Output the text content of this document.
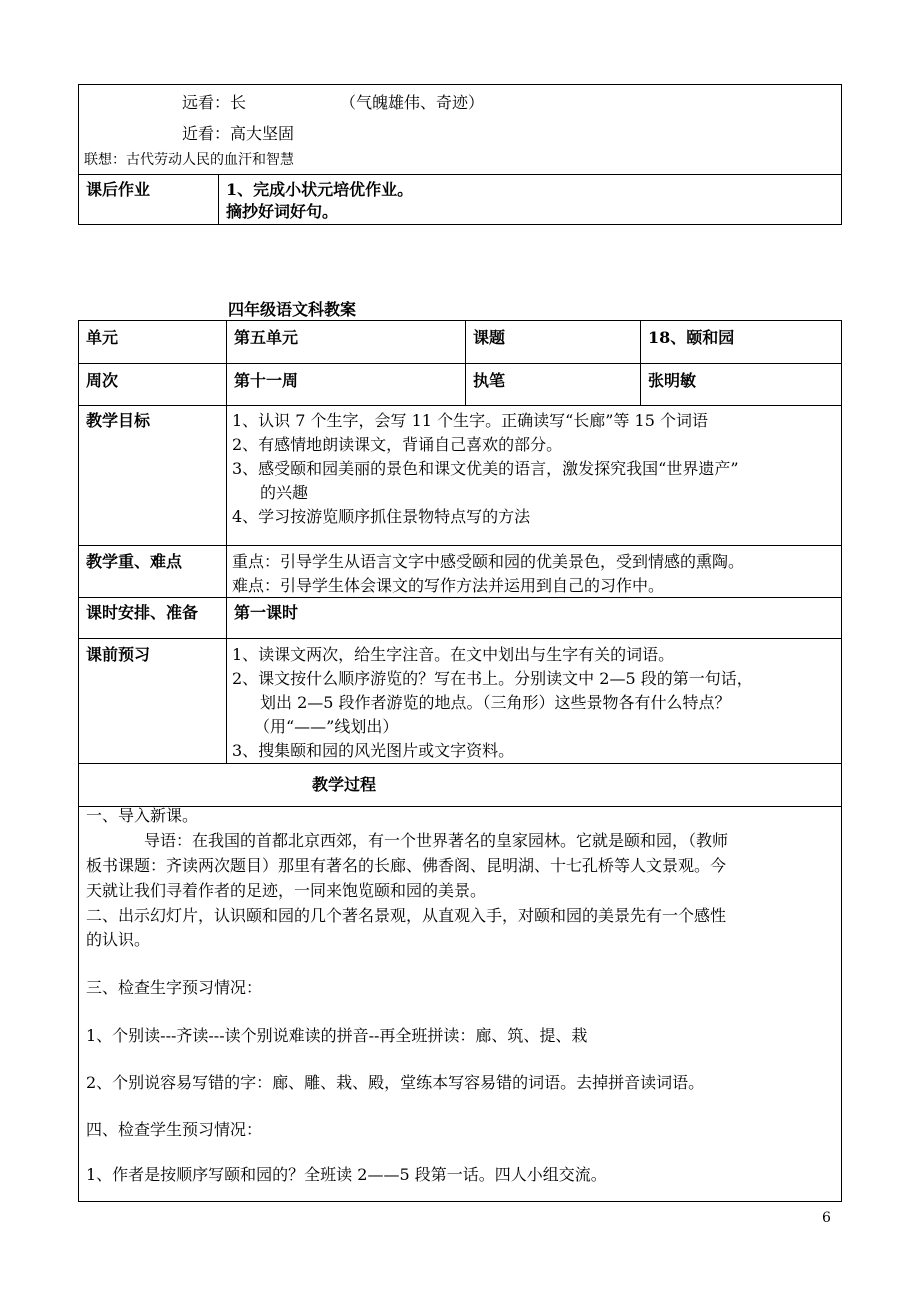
远看：长	（气魄雄伟、奇迹）
近看：高大坚固
联想：古代劳动人民的血汗和智慧
课后作业	1、完成小状元培优作业。
摘抄好词好句。
四年级语文科教案
单元	第五单元	课题	18、颐和园
周次	第十一周	执笔	张明敏
教学目标	1、认识 7 个生字，会写 11 个生字。正确读写“长廊”等 15 个词语
2、有感情地朗读课文，背诵自己喜欢的部分。
3、感受颐和园美丽的景色和课文优美的语言，激发探究我国“世界遗产”
的兴趣
4、学习按游览顺序抓住景物特点写的方法
教学重、难点	重点：引导学生从语言文字中感受颐和园的优美景色，受到情感的熏陶。
难点：引导学生体会课文的写作方法并运用到自己的习作中。
课时安排、准备 第一课时
课前预习	1、读课文两次，给生字注音。在文中划出与生字有关的词语。
2、课文按什么顺序游览的？写在书上。分别读文中 2—5 段的第一句话，
划出 2—5 段作者游览的地点。（三角形）这些景物各有什么特点？
（用“——”线划出）
3、搜集颐和园的风光图片或文字资料。
教学过程
一、导入新课。
导语：在我国的首都北京西郊，有一个世界著名的皇家园林。它就是颐和园，（教师
板书课题：齐读两次题目）那里有著名的长廊、佛香阁、昆明湖、十七孔桥等人文景观。今
天就让我们寻着作者的足迹，一同来饱览颐和园的美景。
二、出示幻灯片，认识颐和园的几个著名景观，从直观入手，对颐和园的美景先有一个感性
的认识。
三、检查生字预习情况：
1、个别读---齐读---读个别说难读的拼音--再全班拼读：廊、筑、提、栽
2、个别说容易写错的字：廊、雕、栽、殿，堂练本写容易错的词语。去掉拼音读词语。
四、检查学生预习情况：
1、作者是按顺序写颐和园的？全班读 2——5 段第一话。四人小组交流。
6
